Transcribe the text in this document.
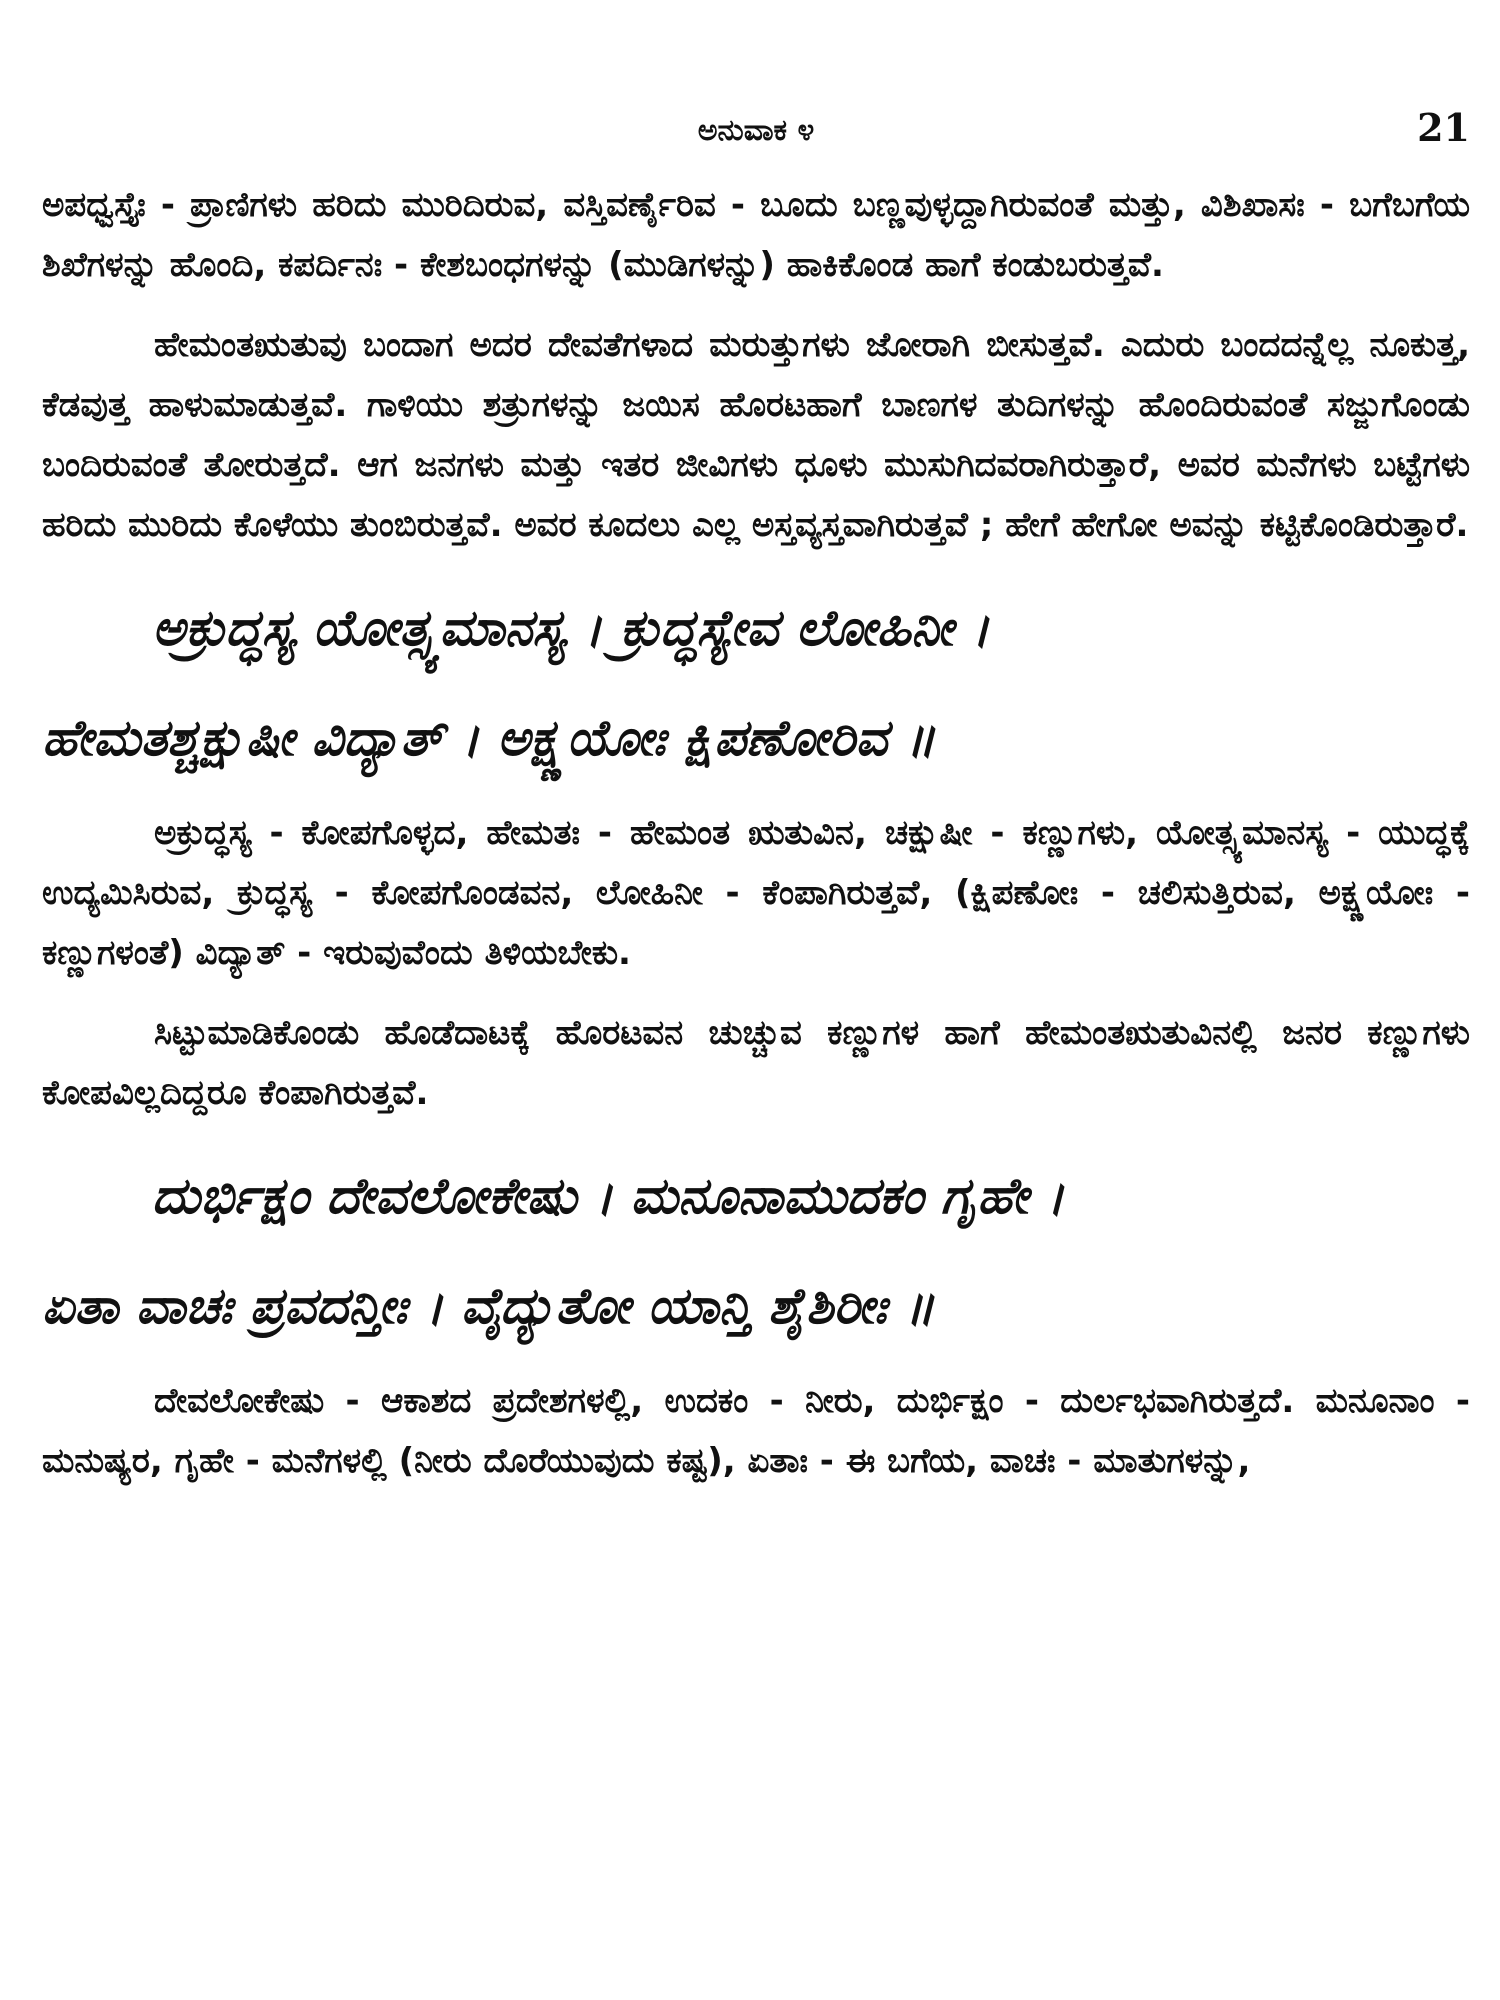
ಅನುವಾಕ ೪	21

ಅಪಧ್ವಸ್ತೈಃ - ಪ್ರಾಣಿಗಳು ಹರಿದು ಮುರಿದಿರುವ, ವಸ್ತಿವರ್ಣೈರಿವ - ಬೂದು ಬಣ್ಣವುಳ್ಳದ್ದಾಗಿರುವಂತೆ ಮತ್ತು, ವಿಶಿಖಾಸಃ - ಬಗೆಬಗೆಯ ಶಿಖೆಗಳನ್ನು ಹೊಂದಿ, ಕಪರ್ದಿನಃ - ಕೇಶಬಂಧಗಳನ್ನು (ಮುಡಿಗಳನ್ನು) ಹಾಕಿಕೊಂಡ ಹಾಗೆ ಕಂಡುಬರುತ್ತವೆ.

ಹೇಮಂತಋತುವು ಬಂದಾಗ ಅದರ ದೇವತೆಗಳಾದ ಮರುತ್ತುಗಳು ಜೋರಾಗಿ ಬೀಸುತ್ತವೆ. ಎದುರು ಬಂದದನ್ನೆಲ್ಲ ನೂಕುತ್ತ, ಕೆಡವುತ್ತ ಹಾಳುಮಾಡುತ್ತವೆ. ಗಾಳಿಯು ಶತ್ರುಗಳನ್ನು ಜಯಿಸ ಹೊರಟಹಾಗೆ ಬಾಣಗಳ ತುದಿಗಳನ್ನು ಹೊಂದಿರುವಂತೆ ಸಜ್ಜುಗೊಂಡು ಬಂದಿರುವಂತೆ ತೋರುತ್ತದೆ. ಆಗ ಜನಗಳು ಮತ್ತು ಇತರ ಜೀವಿಗಳು ಧೂಳು ಮುಸುಗಿದವರಾಗಿರುತ್ತಾರೆ, ಅವರ ಮನೆಗಳು ಬಟ್ಟೆಗಳು ಹರಿದು ಮುರಿದು ಕೊಳೆಯು ತುಂಬಿರುತ್ತವೆ. ಅವರ ಕೂದಲು ಎಲ್ಲ ಅಸ್ತವ್ಯಸ್ತವಾಗಿರುತ್ತವೆ ; ಹೇಗೆ ಹೇಗೋ ಅವನ್ನು ಕಟ್ಟಿಕೊಂಡಿರುತ್ತಾರೆ.

ಅಕ್ರುದ್ಧಸ್ಯ ಯೋತ್ಸ್ಯಮಾನಸ್ಯ । ಕ್ರುದ್ಧಸ್ಯೇವ ಲೋಹಿನೀ ।

ಹೇಮತಶ್ಚಕ್ಷುಷೀ ವಿದ್ಯಾತ್ । ಅಕ್ಷ್ಣಯೋಃ ಕ್ಷಿಪಣೋರಿವ ॥

ಅಕ್ರುದ್ಧಸ್ಯ - ಕೋಪಗೊಳ್ಳದ, ಹೇಮತಃ - ಹೇಮಂತ ಋತುವಿನ, ಚಕ್ಷುಷೀ - ಕಣ್ಣುಗಳು, ಯೋತ್ಸ್ಯಮಾನಸ್ಯ - ಯುದ್ಧಕ್ಕೆ ಉದ್ಯಮಿಸಿರುವ, ಕ್ರುದ್ಧಸ್ಯ - ಕೋಪಗೊಂಡವನ, ಲೋಹಿನೀ - ಕೆಂಪಾಗಿರುತ್ತವೆ, (ಕ್ಷಿಪಣೋಃ - ಚಲಿಸುತ್ತಿರುವ, ಅಕ್ಷ್ಣಯೋಃ - ಕಣ್ಣುಗಳಂತೆ) ವಿದ್ಯಾತ್ - ಇರುವುವೆಂದು ತಿಳಿಯಬೇಕು.

ಸಿಟ್ಟುಮಾಡಿಕೊಂಡು ಹೊಡೆದಾಟಕ್ಕೆ ಹೊರಟವನ ಚುಚ್ಚುವ ಕಣ್ಣುಗಳ ಹಾಗೆ ಹೇಮಂತಋತುವಿನಲ್ಲಿ ಜನರ ಕಣ್ಣುಗಳು ಕೋಪವಿಲ್ಲದಿದ್ದರೂ ಕೆಂಪಾಗಿರುತ್ತವೆ.

ದುರ್ಭಿಕ್ಷಂ ದೇವಲೋಕೇಷು । ಮನೂನಾಮುದಕಂ ಗೃಹೇ ।

ಏತಾ ವಾಚಃ ಪ್ರವದನ್ತೀಃ । ವೈದ್ಯುತೋ ಯಾನ್ತಿ ಶೈಶಿರೀಃ ॥

ದೇವಲೋಕೇಷು - ಆಕಾಶದ ಪ್ರದೇಶಗಳಲ್ಲಿ, ಉದಕಂ - ನೀರು, ದುರ್ಭಿಕ್ಷಂ - ದುರ್ಲಭವಾಗಿರುತ್ತದೆ. ಮನೂನಾಂ - ಮನುಷ್ಯರ, ಗೃಹೇ - ಮನೆಗಳಲ್ಲಿ (ನೀರು ದೊರೆಯುವುದು ಕಷ್ಟ), ಏತಾಃ - ಈ ಬಗೆಯ, ವಾಚಃ - ಮಾತುಗಳನ್ನು,
